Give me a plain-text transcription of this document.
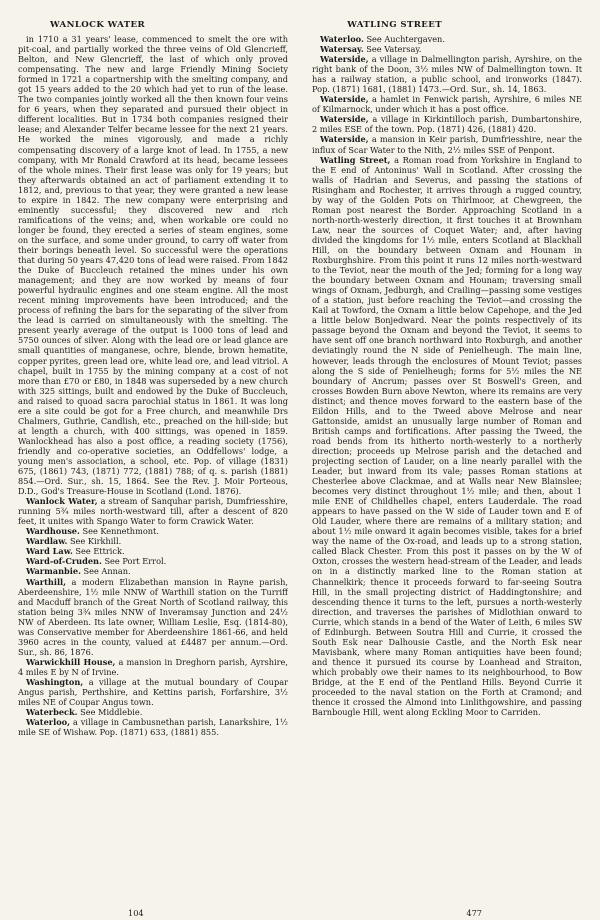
WANLOCK WATER	WATLING STREET

in 1710 a 31 years' lease, commenced to smelt the ore with pit-coal, and partially worked the three veins of Old Glencrieff, Belton, and New Glencrieff, the last of which only proved compensating. The new and large Friendly Mining Society formed in 1721 a copartnership with the smelting company, and got 15 years added to the 20 which had yet to run of the lease. The two companies jointly worked all the then known four veins for 6 years, when they separated and pursued their object in different localities. But in 1734 both companies resigned their lease; and Alexander Telfer became lessee for the next 21 years. He worked the mines vigorously, and made a richly compensating discovery of a large knot of lead. In 1755, a new company, with Mr Ronald Crawford at its head, became lessees of the whole mines. Their first lease was only for 19 years; but they afterwards obtained an act of parliament extending it to 1812, and, previous to that year, they were granted a new lease to expire in 1842. The new company were enterprising and eminently successful; they discovered new and rich ramifications of the veins; and, when workable ore could no longer be found, they erected a series of steam engines, some on the surface, and some under ground, to carry off water from their borings beneath level. So successful were the operations that during 50 years 47,420 tons of lead were raised. From 1842 the Duke of Buccleuch retained the mines under his own management; and they are now worked by means of four powerful hydraulic engines and one steam engine. All the most recent mining improvements have been introduced; and the process of refining the bars for the separating of the silver from the lead is carried on simultaneously with the smelting. The present yearly average of the output is 1000 tons of lead and 5750 ounces of silver. Along with the lead ore or lead glance are small quantities of manganese, ochre, blende, brown hematite, copper pyrites, green lead ore, white lead ore, and lead vitriol. A chapel, built in 1755 by the mining company at a cost of not more than £70 or £80, in 1848 was superseded by a new church with 325 sittings, built and endowed by the Duke of Buccleuch, and raised to quoad sacra parochial status in 1861. It was long ere a site could be got for a Free church, and meanwhile Drs Chalmers, Guthrie, Candlish, etc., preached on the hill-side; but at length a church, with 400 sittings, was opened in 1859. Wanlockhead has also a post office, a reading society (1756), friendly and co-operative societies, an Oddfellows' lodge, a young men's association, a school, etc. Pop. of village (1831) 675, (1861) 743, (1871) 772, (1881) 788; of q. s. parish (1881) 854.—Ord. Sur., sh. 15, 1864. See the Rev. J. Moir Porteous, D.D., God's Treasure-House in Scotland (Lond. 1876).

Wanlock Water, a stream of Sanquhar parish, Dumfriesshire, running 5¾ miles north-westward till, after a descent of 820 feet, it unites with Spango Water to form Crawick Water.

Wardhouse. See Kennethmont.

Wardlaw. See Kirkhill.

Ward Law. See Ettrick.

Ward-of-Cruden. See Port Errol.

Warmanbie. See Annan.

Warthill, a modern Elizabethan mansion in Rayne parish, Aberdeenshire, 1½ mile NNW of Warthill station on the Turriff and Macduff branch of the Great North of Scotland railway, this station being 3¾ miles NNW of Inveramsay Junction and 24½ NW of Aberdeen. Its late owner, William Leslie, Esq. (1814-80), was Conservative member for Aberdeenshire 1861-66, and held 3960 acres in the county, valued at £4487 per annum.—Ord. Sur., sh. 86, 1876.

Warwickhill House, a mansion in Dreghorn parish, Ayrshire, 4 miles E by N of Irvine.

Washington, a village at the mutual boundary of Coupar Angus parish, Perthshire, and Kettins parish, Forfarshire, 3½ miles NE of Coupar Angus town.

Waterbeck. See Middlebie.

Waterloo, a village in Cambusnethan parish, Lanarkshire, 1½ mile SE of Wishaw. Pop. (1871) 633, (1881) 855.

Waterloo. See Auchtergaven.

Watersay. See Vatersay.

Waterside, a village in Dalmellington parish, Ayrshire, on the right bank of the Doon, 3½ miles NW of Dalmellington town. It has a railway station, a public school, and ironworks (1847). Pop. (1871) 1681, (1881) 1473.—Ord. Sur., sh. 14, 1863.

Waterside, a hamlet in Fenwick parish, Ayrshire, 6 miles NE of Kilmarnock, under which it has a post office.

Waterside, a village in Kirkintilloch parish, Dumbartonshire, 2 miles ESE of the town. Pop. (1871) 426, (1881) 420.

Waterside, a mansion in Keir parish, Dumfriesshire, near the influx of Scar Water to the Nith, 2½ miles SSE of Penpont.

Watling Street, a Roman road from Yorkshire in England to the E end of Antoninus' Wall in Scotland. After crossing the walls of Hadrian and Severus, and passing the stations of Risingham and Rochester, it arrives through a rugged country, by way of the Golden Pots on Thirlmoor, at Chewgreen, the Roman post nearest the Border. Approaching Scotland in a north-north-westerly direction, it first touches it at Brownham Law, near the sources of Coquet Water; and, after having divided the kingdoms for 1½ mile, enters Scotland at Blackhall Hill, on the boundary between Oxnam and Hounam in Roxburghshire. From this point it runs 12 miles north-westward to the Teviot, near the mouth of the Jed; forming for a long way the boundary between Oxnam and Hounam; traversing small wings of Oxnam, Jedburgh, and Crailing—passing some vestiges of a station, just before reaching the Teviot—and crossing the Kail at Towford, the Oxnam a little below Capehope, and the Jed a little below Bonjedward. Near the points respectively of its passage beyond the Oxnam and beyond the Teviot, it seems to have sent off one branch northward into Roxburgh, and another deviatingly round the N side of Penielheugh. The main line, however, leads through the enclosures of Mount Teviot; passes along the S side of Penielheugh; forms for 5½ miles the NE boundary of Ancrum; passes over St Boswell's Green, and crosses Bowden Burn above Newton, where its remains are very distinct; and thence moves forward to the eastern base of the Eildon Hills, and to the Tweed above Melrose and near Gattonside, amidst an unusually large number of Roman and British camps and fortifications. After passing the Tweed, the road bends from its hitherto north-westerly to a northerly direction; proceeds up Melrose parish and the detached and projecting section of Lauder, on a line nearly parallel with the Leader, but inward from its vale; passes Roman stations at Chesterlee above Clackmae, and at Walls near New Blainslee; becomes very distinct throughout 1½ mile; and then, about 1 mile ENE of Childhelles chapel, enters Lauderdale. The road appears to have passed on the W side of Lauder town and E of Old Lauder, where there are remains of a military station; and about 1½ mile onward it again becomes visible, takes for a brief way the name of the Ox-road, and leads up to a strong station, called Black Chester. From this post it passes on by the W of Oxton, crosses the western head-stream of the Leader, and leads on in a distinctly marked line to the Roman station at Channelkirk; thence it proceeds forward to far-seeing Soutra Hill, in the small projecting district of Haddingtonshire; and descending thence it turns to the left, pursues a north-westerly direction, and traverses the parishes of Midlothian onward to Currie, which stands in a bend of the Water of Leith, 6 miles SW of Edinburgh. Between Soutra Hill and Currie, it crossed the South Esk near Dalhousie Castle, and the North Esk near Mavisbank, where many Roman antiquities have been found; and thence it pursued its course by Loanhead and Straiton, which probably owe their names to its neighbourhood, to Bow Bridge, at the E end of the Pentland Hills. Beyond Currie it proceeded to the naval station on the Forth at Cramond; and thence it crossed the Almond into Linlithgowshire, and passing Barnbougle Hill, went along Eckling Moor to Carriden.

104	477
